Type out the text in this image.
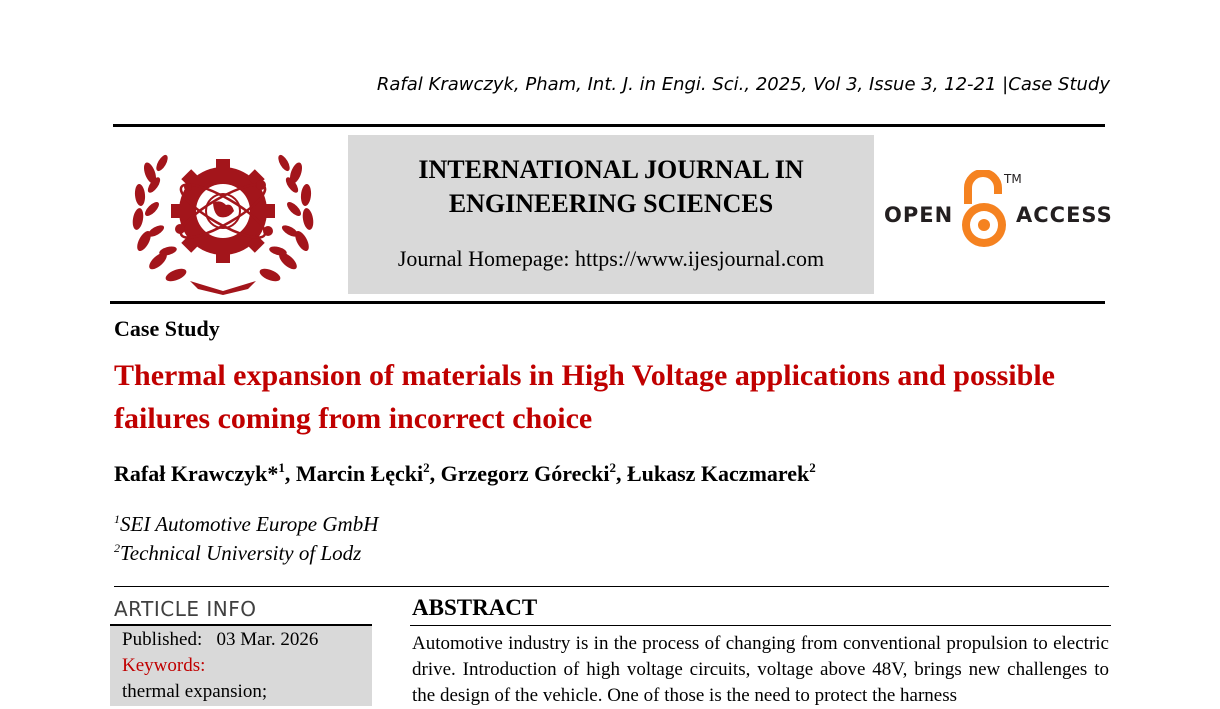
Rafal Krawczyk, Pham, Int. J. in Engi. Sci., 2025, Vol 3, Issue 3, 12-21 |Case Study
INTERNATIONAL JOURNAL IN
ENGINEERING SCIENCES
Journal Homepage: https://www.ijesjournal.com
OPEN
TM
ACCESS
Case Study
Thermal expansion of materials in High Voltage applications and possible failures coming from incorrect choice
Rafał Krawczyk*$^1$, Marcin Łęcki$^2$, Grzegorz Górecki$^2$, Łukasz Kaczmarek$^2$
$^1$SEI Automotive Europe GmbH
$^2$Technical University of Lodz
ARTICLE INFO
Published: 03 Mar. 2026
Keywords:
thermal expansion;
ABSTRACT
Automotive industry is in the process of changing from conventional propulsion to electric drive. Introduction of high voltage circuits, voltage above 48V, brings new challenges to the design of the vehicle. One of those is the need to protect the harness
